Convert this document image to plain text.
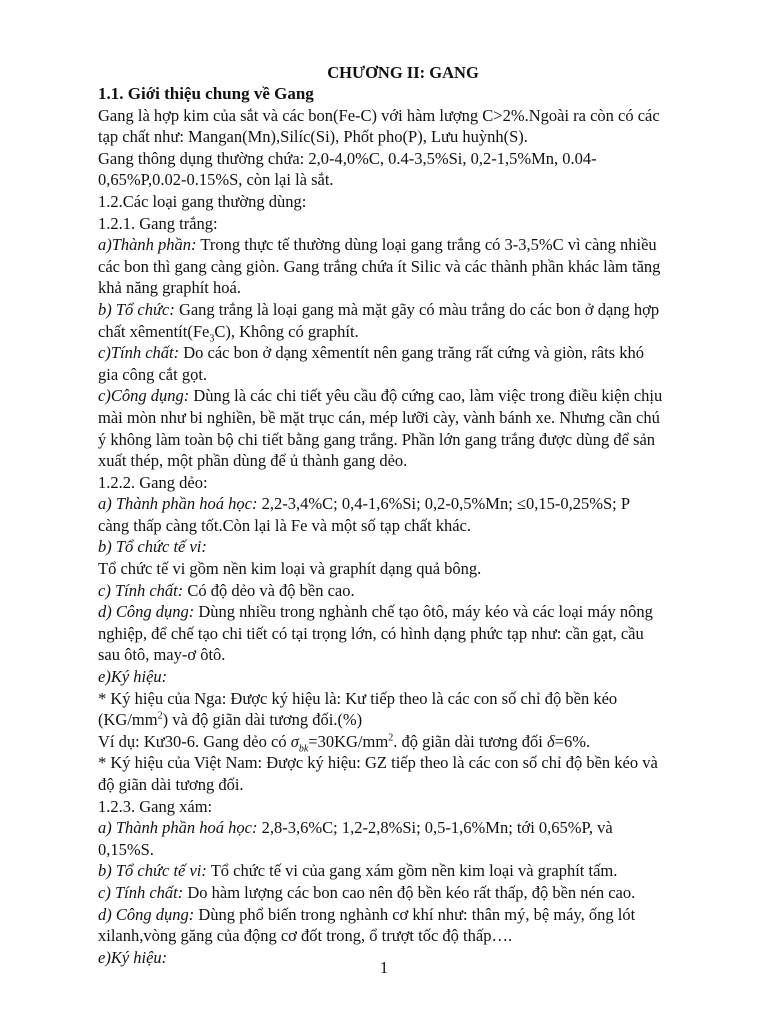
CHƯƠNG II: GANG
1.1. Giới thiệu chung về Gang
Gang là hợp kim của sắt và các bon(Fe-C) với hàm lượng C>2%.Ngoài ra còn có các
tạp chất như: Mangan(Mn),Silíc(Si), Phốt pho(P), Lưu huỳnh(S).
Gang thông dụng thường chứa: 2,0-4,0%C, 0.4-3,5%Si, 0,2-1,5%Mn, 0.04-
0,65%P,0.02-0.15%S, còn lại là sắt.
1.2.Các loại gang thường dùng:
1.2.1. Gang trắng:
a)Thành phần: Trong thực tế thường dùng loại gang trắng có 3-3,5%C vì càng nhiều
các bon thì gang càng giòn. Gang trắng chứa ít Silic và các thành phần khác làm tăng
khả năng graphít hoá.
b) Tổ chức: Gang trắng là loại gang mà mặt gãy có màu trắng do các bon ở dạng hợp
chất $xêmentít(Fe_3C)$, Không có graphít.
c)Tính chất: Do các bon ở dạng xêmentít nên gang trăng rất cứng và giòn, râts khó
gia công cắt gọt.
c)Công dụng: Dùng là các chi tiết yêu cầu độ cứng cao, làm việc trong điều kiện chịu
mài mòn như bi nghiền, bề mặt trục cán, mép lưỡi cày, vành bánh xe. Nhưng cần chú
ý không làm toàn bộ chi tiết bằng gang trắng. Phần lớn gang trắng được dùng để sản
xuất thép, một phần dùng để ủ thành gang dẻo.
1.2.2. Gang dẻo:
a) Thành phần hoá học: 2,2-3,4%C; 0,4-1,6%Si; 0,2-0,5%Mn; ≤0,15-0,25%S; P
càng thấp càng tốt.Còn lại là Fe và một số tạp chất khác.
b) Tổ chức tế vi:
Tổ chức tế vi gồm nền kim loại và graphít dạng quả bông.
c) Tính chất: Có độ dẻo và độ bền cao.
d) Công dụng: Dùng nhiều trong nghành chế tạo ôtô, máy kéo và các loại máy nông
nghiệp, để chế tạo chi tiết có tại trọng lớn, có hình dạng phức tạp như: cần gạt, cầu
sau ôtô, may-ơ ôtô.
e)Ký hiệu:
* Ký hiệu của Nga: Được ký hiệu là: Kư tiếp theo là các con số chỉ độ bền kéo
$(KG/mm^2)$ và độ giãn dài tương đối.(%)
Ví dụ: Kư30-6. Gang dẻo có $\sigma_{bk}=30KG/mm^2$. độ giãn dài tương đối δ=6%.
* Ký hiệu của Việt Nam: Được ký hiệu: GZ tiếp theo là các con số chỉ độ bền kéo và
độ giãn dài tương đối.
1.2.3. Gang xám:
a) Thành phần hoá học: 2,8-3,6%C; 1,2-2,8%Si; 0,5-1,6%Mn; tới 0,65%P, và
0,15%S.
b) Tổ chức tế vi: Tổ chức tế vi của gang xám gồm nền kim loại và graphít tấm.
c) Tính chất: Do hàm lượng các bon cao nên độ bền kéo rất thấp, độ bền nén cao.
d) Công dụng: Dùng phổ biến trong nghành cơ khí như: thân mý, bệ máy, ống lót
xilanh,vòng găng của động cơ đốt trong, ổ trượt tốc độ thấp….
e)Ký hiệu:
1
